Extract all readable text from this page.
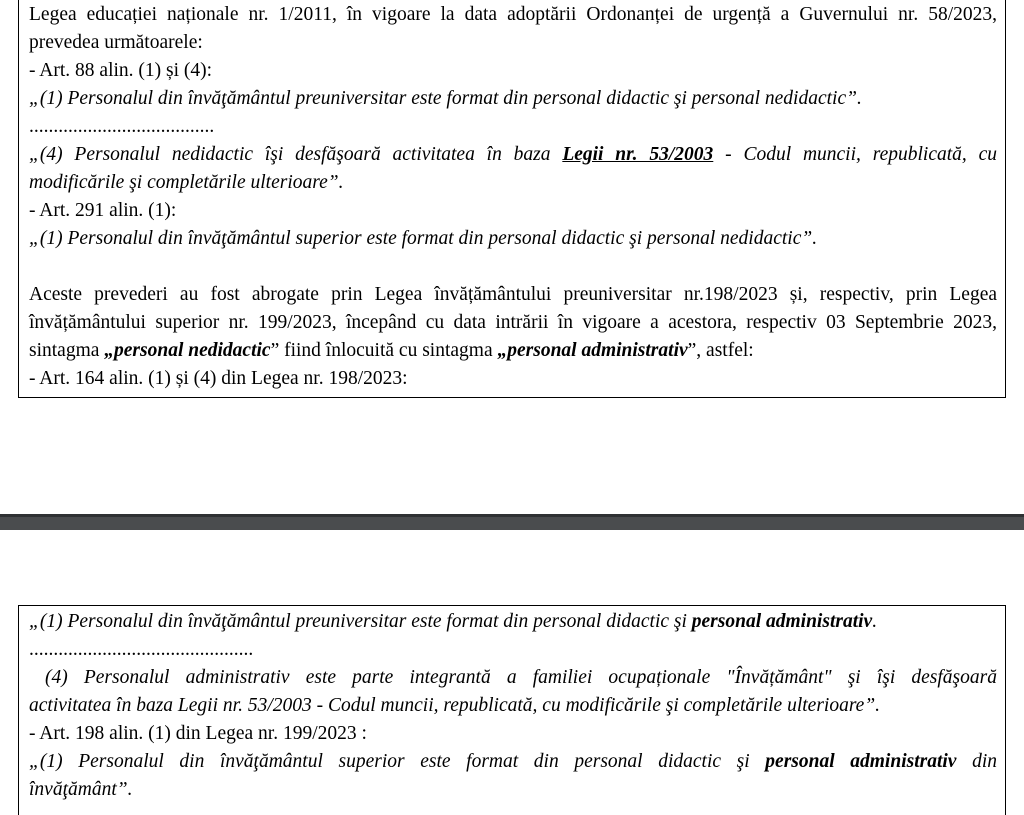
Legea educației naționale nr. 1/2011, în vigoare la data adoptării Ordonanței de urgență a Guvernului nr. 58/2023,
prevedea următoarele:
- Art. 88 alin. (1) și (4):
„(1) Personalul din învăţământul preuniversitar este format din personal didactic şi personal nedidactic”.
......................................
„(4) Personalul nedidactic îşi desfăşoară activitatea în baza Legii nr. 53/2003 - Codul muncii, republicată, cu
modificările şi completările ulterioare”.
- Art. 291 alin. (1):
„(1) Personalul din învăţământul superior este format din personal didactic şi personal nedidactic”.
Aceste prevederi au fost abrogate prin Legea învățământului preuniversitar nr.198/2023 și, respectiv, prin Legea
învățământului superior nr. 199/2023, începând cu data intrării în vigoare a acestora, respectiv 03 Septembrie 2023,
sintagma „personal nedidactic” fiind înlocuită cu sintagma „personal administrativ”, astfel:
- Art. 164 alin. (1) și (4) din Legea nr. 198/2023:
„(1) Personalul din învăţământul preuniversitar este format din personal didactic şi personal administrativ.
..............................................
(4) Personalul administrativ este parte integrantă a familiei ocupaționale "Învățământ" şi îşi desfăşoară
activitatea în baza Legii nr. 53/2003 - Codul muncii, republicată, cu modificările şi completările ulterioare”.
- Art. 198 alin. (1) din Legea nr. 199/2023 :
„(1) Personalul din învăţământul superior este format din personal didactic şi personal administrativ din
învăţământ”.
